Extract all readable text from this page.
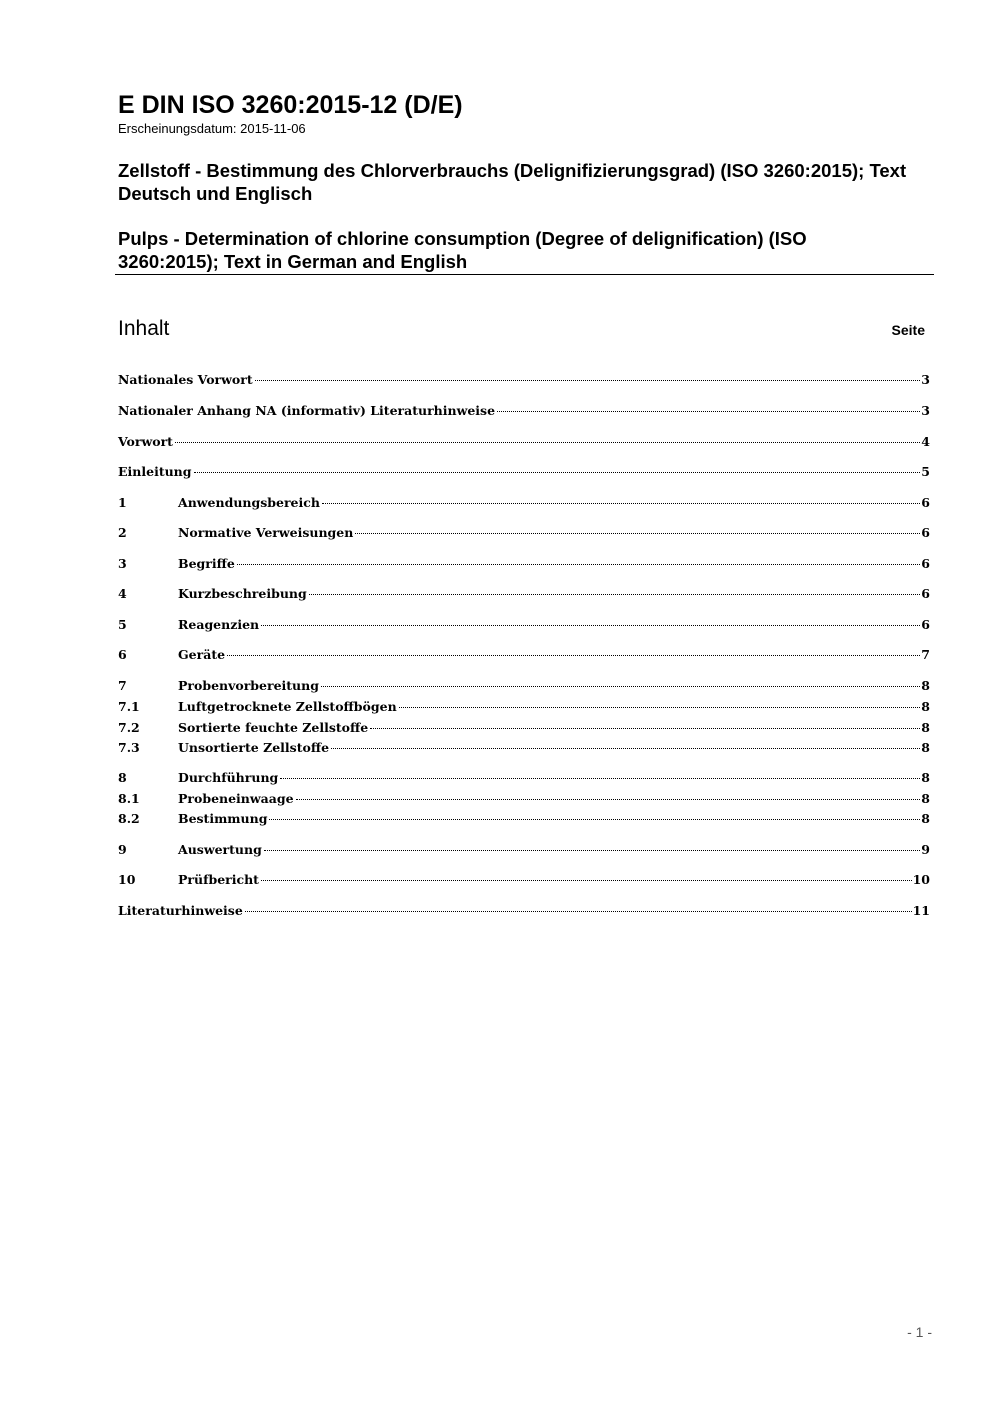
E DIN ISO 3260:2015-12 (D/E)

Erscheinungsdatum: 2015-11-06

Zellstoff - Bestimmung des Chlorverbrauchs (Delignifizierungsgrad) (ISO 3260:2015); Text Deutsch und Englisch
Pulps - Determination of chlorine consumption (Degree of delignification) (ISO 3260:2015); Text in German and English
Inhalt	Seite
Nationales Vorwort	3
Nationaler Anhang NA (informativ) Literaturhinweise	3
Vorwort	4
Einleitung	5
1	Anwendungsbereich	6
2	Normative Verweisungen	6
3	Begriffe	6
4	Kurzbeschreibung	6
5	Reagenzien	6
6	Geräte	7
7	Probenvorbereitung	8
7.1	Luftgetrocknete Zellstoffbögen	8
7.2	Sortierte feuchte Zellstoffe	8
7.3	Unsortierte Zellstoffe	8
8	Durchführung	8
8.1	Probeneinwaage	8
8.2	Bestimmung	8
9	Auswertung	9
10	Prüfbericht	10
Literaturhinweise	11
- 1 -
